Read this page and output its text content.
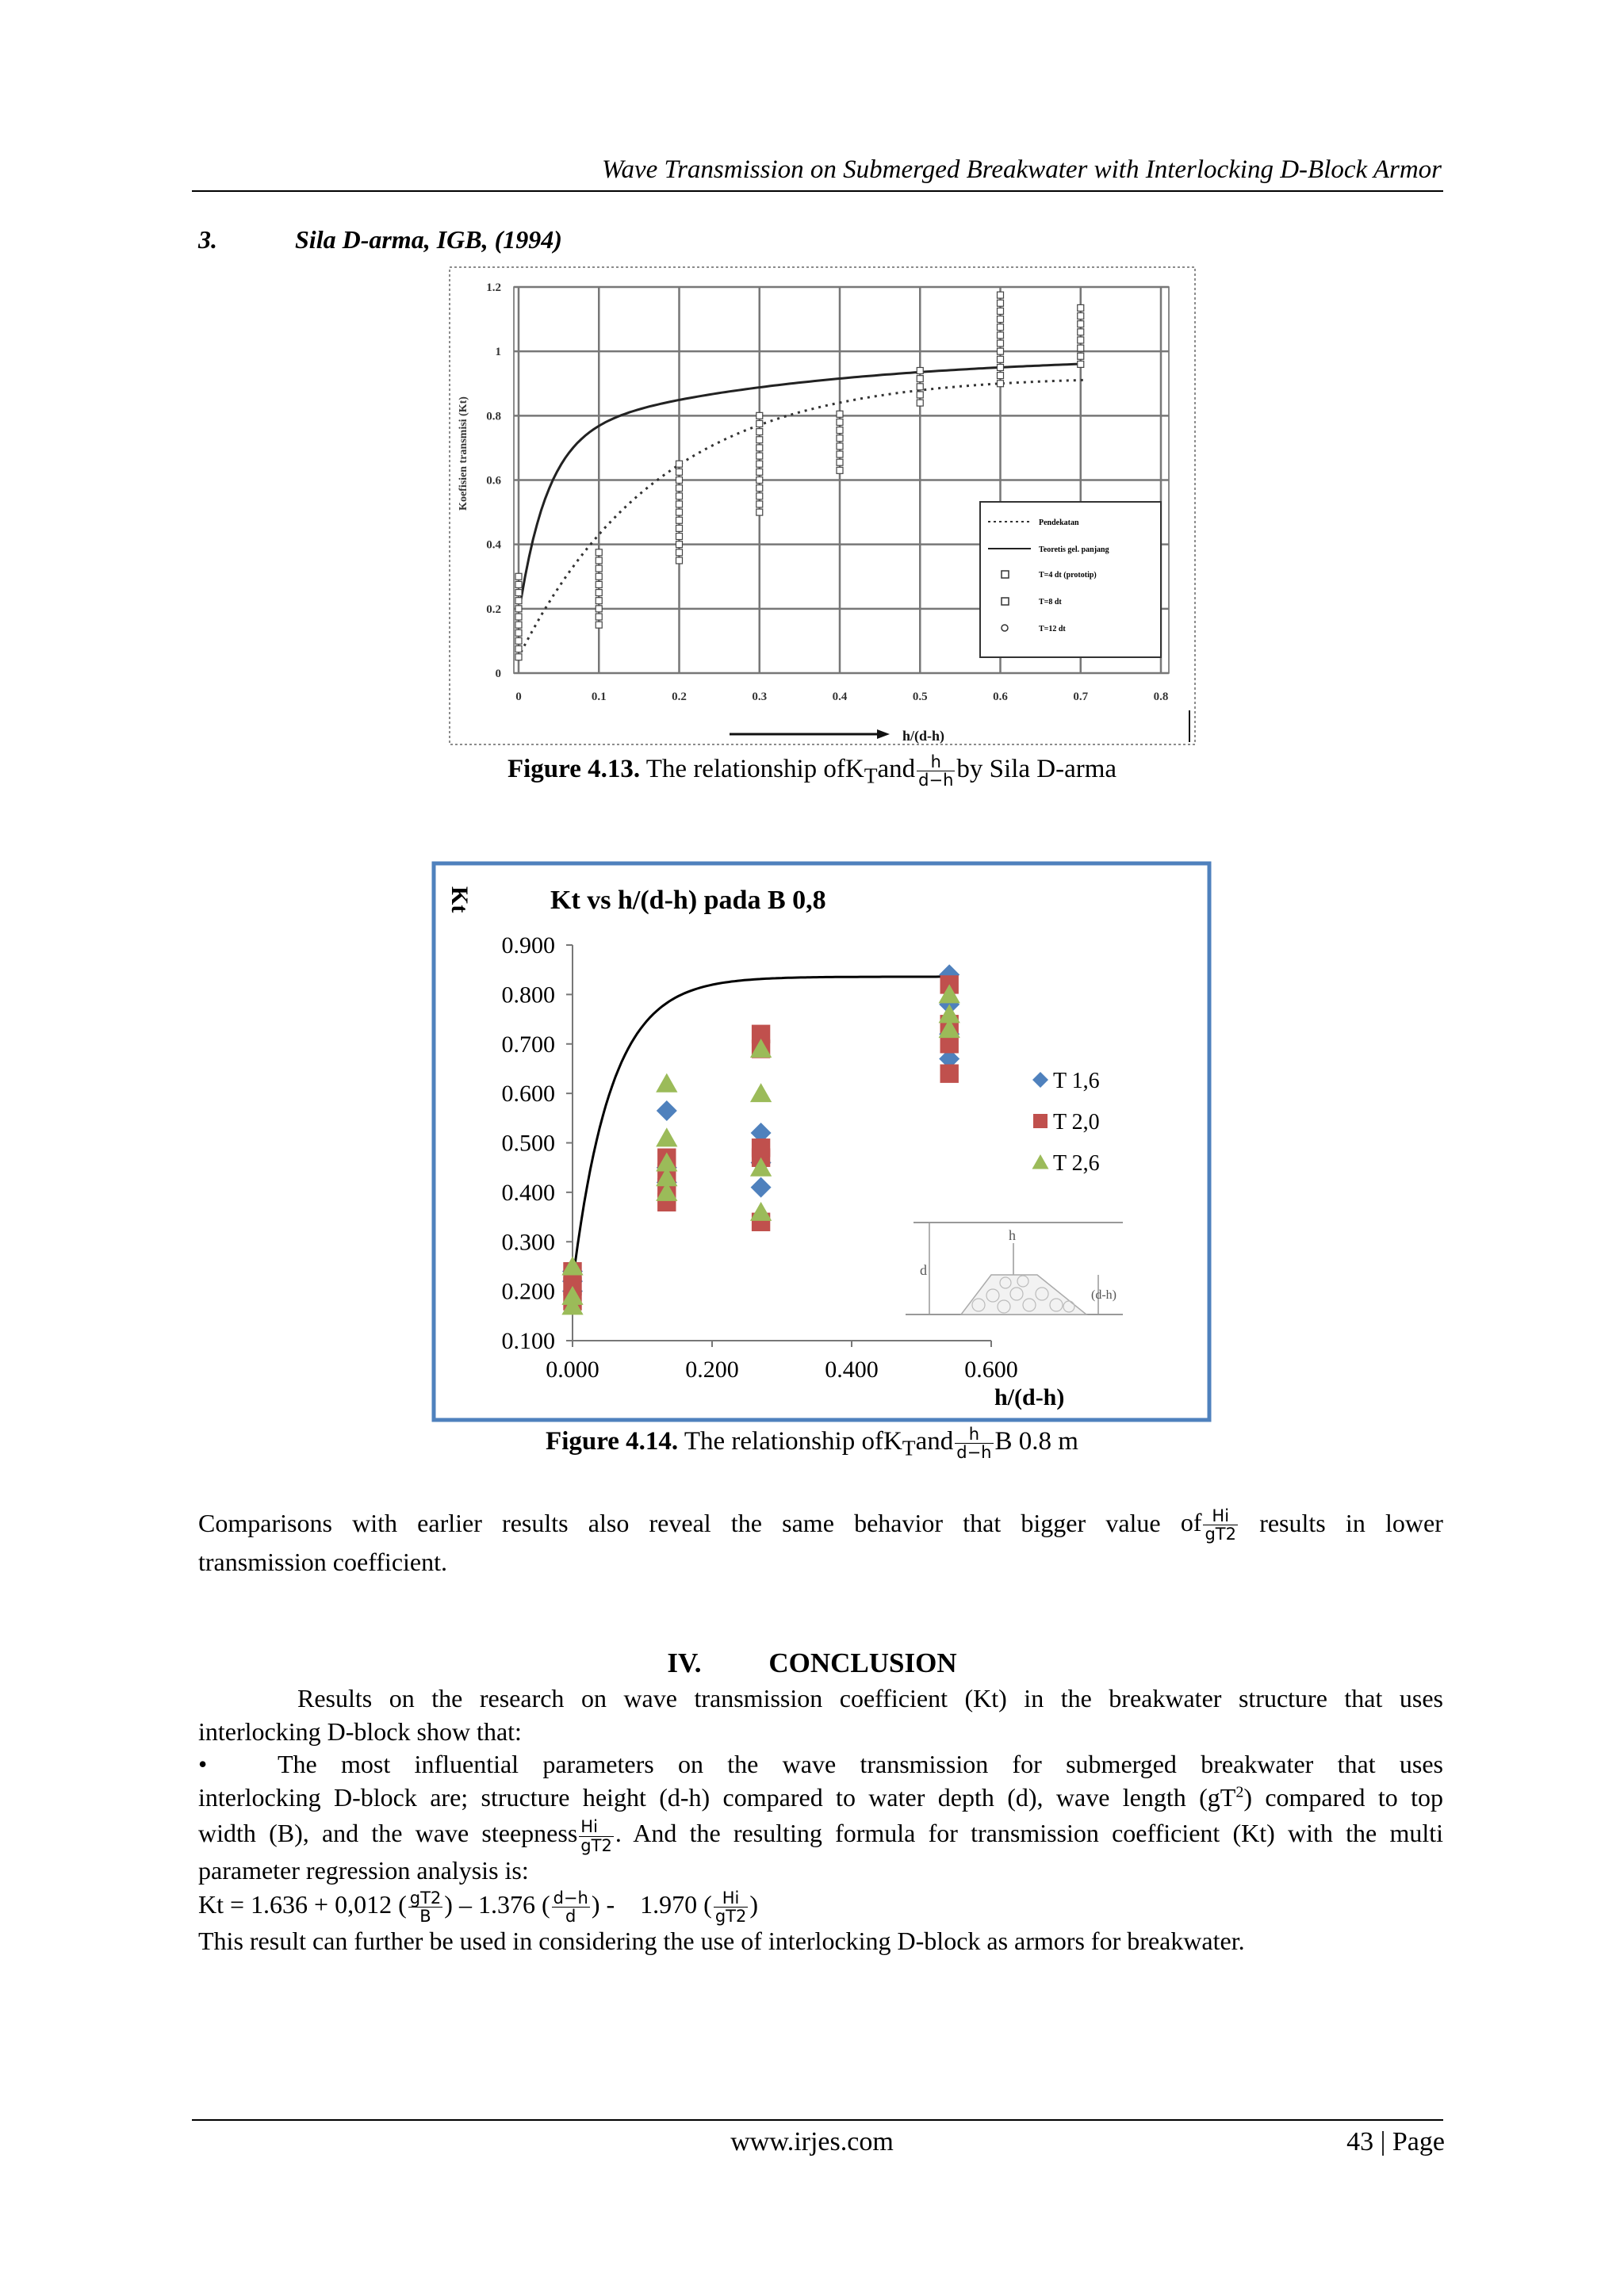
Wave Transmission on Submerged Breakwater with Interlocking D-Block Armor
3.	Sila D-arma, IGB, (1994)
0
0.2
0.4
0.6
0.8
1
1.2
0	0.1	0.2	0.3	0.4	0.5	0.6	0.7	0.8
Koefisien transmisi (Kt)
h/(d-h)
Pendekatan
Teoretis gel. panjang
T=4 dt (prototip)
T=8 dt
T=12 dt
Figure 4.13. The relationship $ofK_Tand \frac{h}{d-h}$ by Sila D-arma
Kt	Kt vs h/(d-h) pada B 0,8
0.100
0.200
0.300
0.400
0.500
0.600
0.700
0.800
0.900
0.000	0.200	0.400	0.600
h/(d-h)
T 1,6
T 2,0
T 2,6
d
h
(d-h)
Figure 4.14. The relationship $ofK_Tand \frac{h}{d-h}$ B 0.8 m
Comparisons with earlier results also reveal the same behavior that bigger value of $\frac{Hi}{gT2}$ results in lower
transmission coefficient.
IV. CONCLUSION
Results on the research on wave transmission coefficient (Kt) in the breakwater structure that uses
interlocking D-block show that:
•	The most influential parameters on the wave transmission for submerged breakwater that uses
interlocking D-block are; structure height (d-h) compared to water depth (d), wave length $(gT^2)$ compared to top
width (B), and the wave steepness $\frac{Hi}{gT2}$ . And the resulting formula for transmission coefficient (Kt) with the multi
parameter regression analysis is:
Kt = 1.636 + 0,012 ( $\frac{gT2}{B}$ ) – 1.376 ( $\frac{d-h}{d}$ ) -    1.970 ( $\frac{Hi}{gT2}$ )
This result can further be used in considering the use of interlocking D-block as armors for breakwater.
www.irjes.com	43 | Page
